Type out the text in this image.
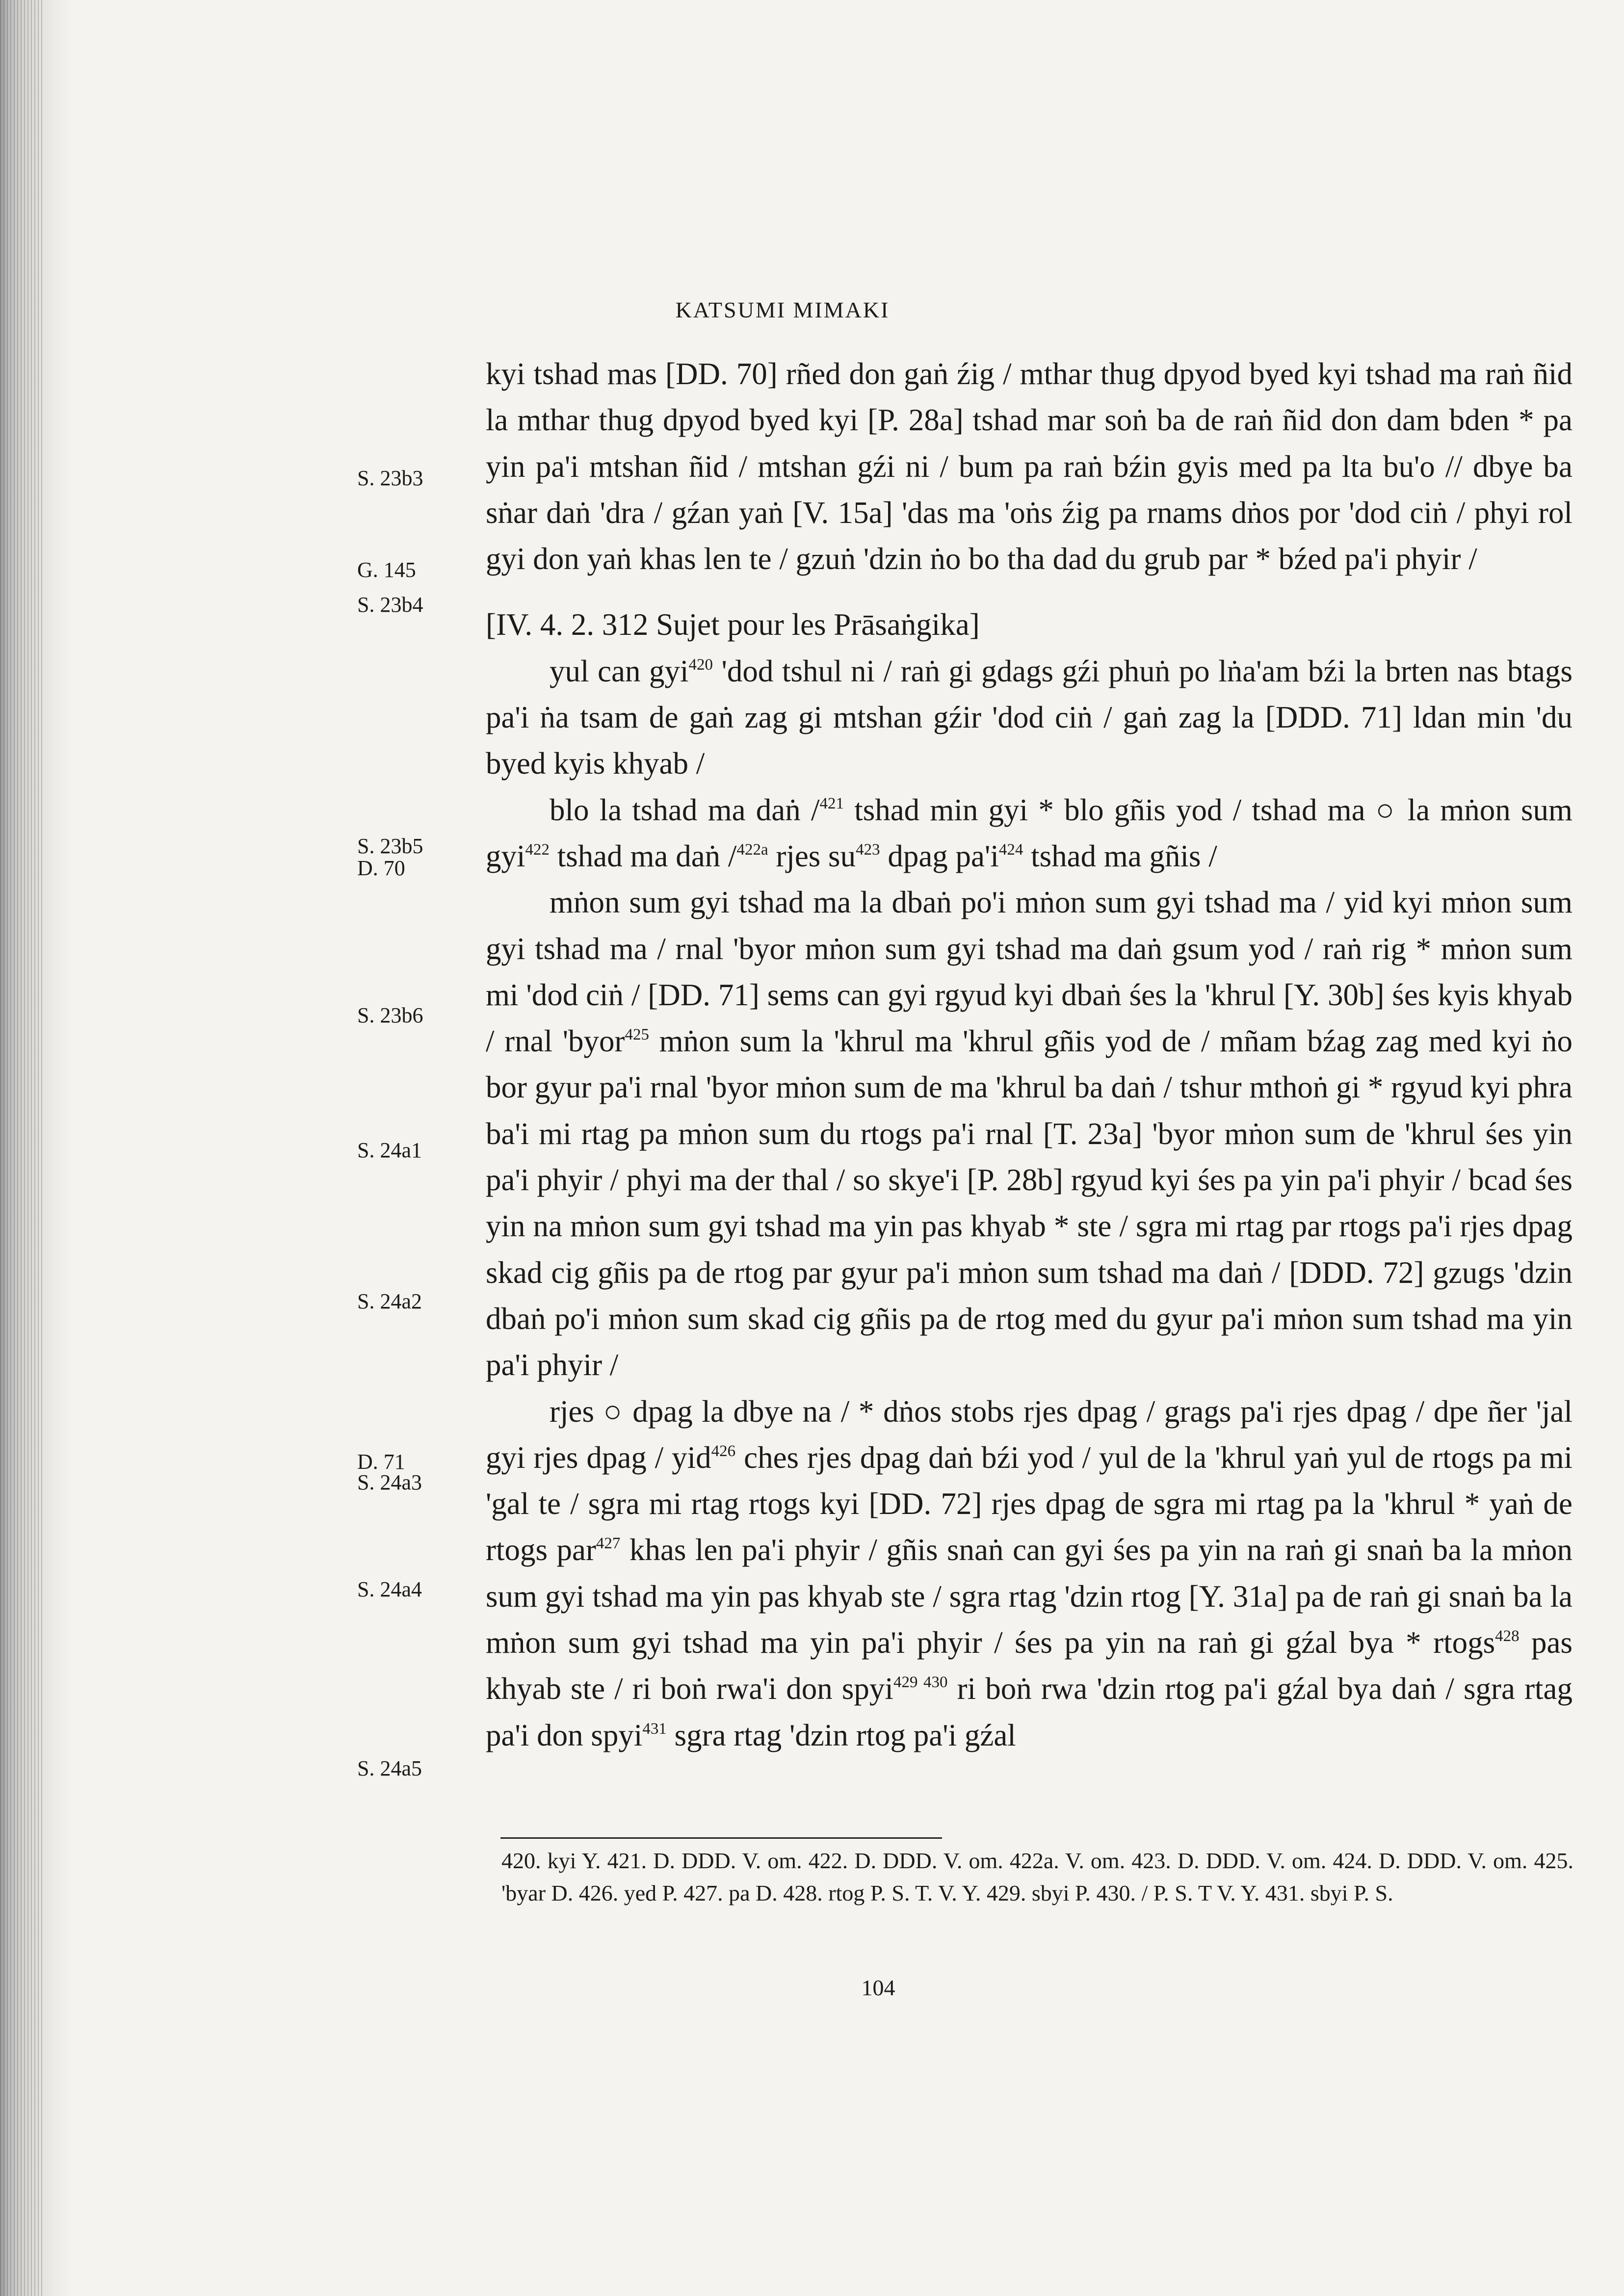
KATSUMI MIMAKI
S. 23b3
G. 145
S. 23b4
S. 23b5
D. 70
S. 23b6
S. 24a1
S. 24a2
D. 71
S. 24a3
S. 24a4
S. 24a5

kyi tshad mas [DD. 70] rñed don gaṅ źig / mthar thug dpyod byed kyi tshad ma raṅ ñid la mthar thug dpyod byed kyi [P. 28a] tshad mar soṅ ba de raṅ ñid don dam bden * pa yin pa'i mtshan ñid / mtshan gźi ni / bum pa raṅ bźin gyis med pa lta bu'o // dbye ba sṅar daṅ 'dra / gźan yaṅ [V. 15a] 'das ma 'oṅs źig pa rnams dṅos por 'dod ciṅ / phyi rol gyi don yaṅ khas len te / gzuṅ 'dzin ṅo bo tha dad du grub par * bźed pa'i phyir /

[IV. 4. 2. 312 Sujet pour les Prāsaṅgika]

yul can gyi$^{420}$ 'dod tshul ni / raṅ gi gdags gźi phuṅ po lṅa'am bźi la brten nas btags pa'i ṅa tsam de gaṅ zag gi mtshan gźir 'dod ciṅ / gaṅ zag la [DDD. 71] ldan min 'du byed kyis khyab /

blo la tshad ma daṅ /$^{421}$ tshad min gyi * blo gñis yod / tshad ma ○ la mṅon sum gyi$^{422}$ tshad ma daṅ /$^{422a}$ rjes $su^{423}$ dpag $pa'i^{424}$ tshad ma gñis /

mṅon sum gyi tshad ma la dbaṅ po'i mṅon sum gyi tshad ma / yid kyi mṅon sum gyi tshad ma / rnal 'byor mṅon sum gyi tshad ma daṅ gsum yod / raṅ rig * mṅon sum mi 'dod ciṅ / [DD. 71] sems can gyi rgyud kyi dbaṅ śes la 'khrul [Y. 30b] śes kyis khyab / rnal 'byor$^{425}$ mṅon sum la 'khrul ma 'khrul gñis yod de / mñam bźag zag med kyi ṅo bor gyur pa'i rnal 'byor mṅon sum de ma 'khrul ba daṅ / tshur mthoṅ gi * rgyud kyi phra ba'i mi rtag pa mṅon sum du rtogs pa'i rnal [T. 23a] 'byor mṅon sum de 'khrul śes yin pa'i phyir / phyi ma der thal / so skye'i [P. 28b] rgyud kyi śes pa yin pa'i phyir / bcad śes yin na mṅon sum gyi tshad ma yin pas khyab * ste / sgra mi rtag par rtogs pa'i rjes dpag skad cig gñis pa de rtog par gyur pa'i mṅon sum tshad ma daṅ / [DDD. 72] gzugs 'dzin dbaṅ po'i mṅon sum skad cig gñis pa de rtog med du gyur pa'i mṅon sum tshad ma yin pa'i phyir /

rjes ○ dpag la dbye na / * dṅos stobs rjes dpag / grags pa'i rjes dpag / dpe ñer 'jal gyi rjes dpag / yid$^{426}$ ches rjes dpag daṅ bźi yod / yul de la 'khrul yaṅ yul de rtogs pa mi 'gal te / sgra mi rtag rtogs kyi [DD. 72] rjes dpag de sgra mi rtag pa la 'khrul * yaṅ de rtogs par$^{427}$ khas len pa'i phyir / gñis snaṅ can gyi śes pa yin na raṅ gi snaṅ ba la mṅon sum gyi tshad ma yin pas khyab ste / sgra rtag 'dzin rtog [Y. 31a] pa de raṅ gi snaṅ ba la mṅon sum gyi tshad ma yin pa'i phyir / śes pa yin na raṅ gi gźal bya * rtogs$^{428}$ pas khyab ste / ri boṅ rwa'i don spyi$^{429 430}$ ri boṅ rwa 'dzin rtog pa'i gźal bya daṅ / sgra rtag pa'i don spyi$^{431}$ sgra rtag 'dzin rtog pa'i gźal

420. kyi Y. 421. D. DDD. V. om. 422. D. DDD. V. om. 422a. V. om. 423. D. DDD. V. om. 424. D. DDD. V. om. 425. 'byar D. 426. yed P. 427. pa D. 428. rtog P. S. T. V. Y. 429. sbyi P. 430. / P. S. T V. Y. 431. sbyi P. S.
104
